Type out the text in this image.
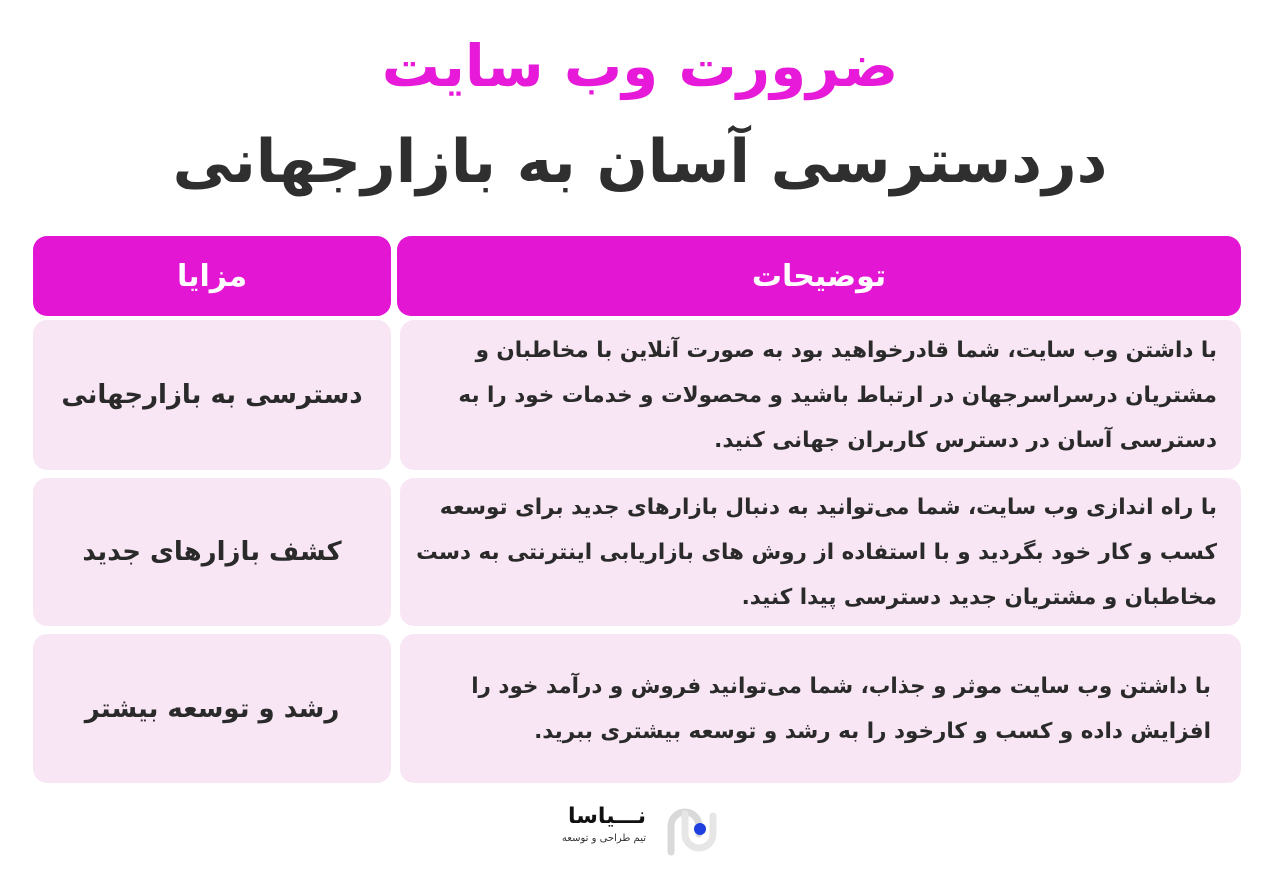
ضرورت وب سایت
دردسترسی آسان به بازارجهانی
توضیحات
مزایا
با داشتن وب سایت، شما قادرخواهید بود به صورت آنلاین با مخاطبان و مشتریان درسراسرجهان در ارتباط باشید و محصولات و خدمات خود را به دسترسی آسان در دسترس کاربران جهانی کنید.
دسترسی به بازارجهانی
با راه اندازی وب سایت، شما می‌توانید به دنبال بازارهای جدید برای توسعه کسب و کار خود بگردید و با استفاده از روش های بازاریابی اینترنتی به دست مخاطبان و مشتریان جدید دسترسی پیدا کنید.
کشف بازارهای جدید
با داشتن وب سایت موثر و جذاب، شما می‌توانید فروش و درآمد خود را افزایش داده و کسب و کارخود را به رشد و توسعه بیشتری ببرید.
رشد و توسعه بیشتر
نـــیاسا
تیم طراحی و توسعه
